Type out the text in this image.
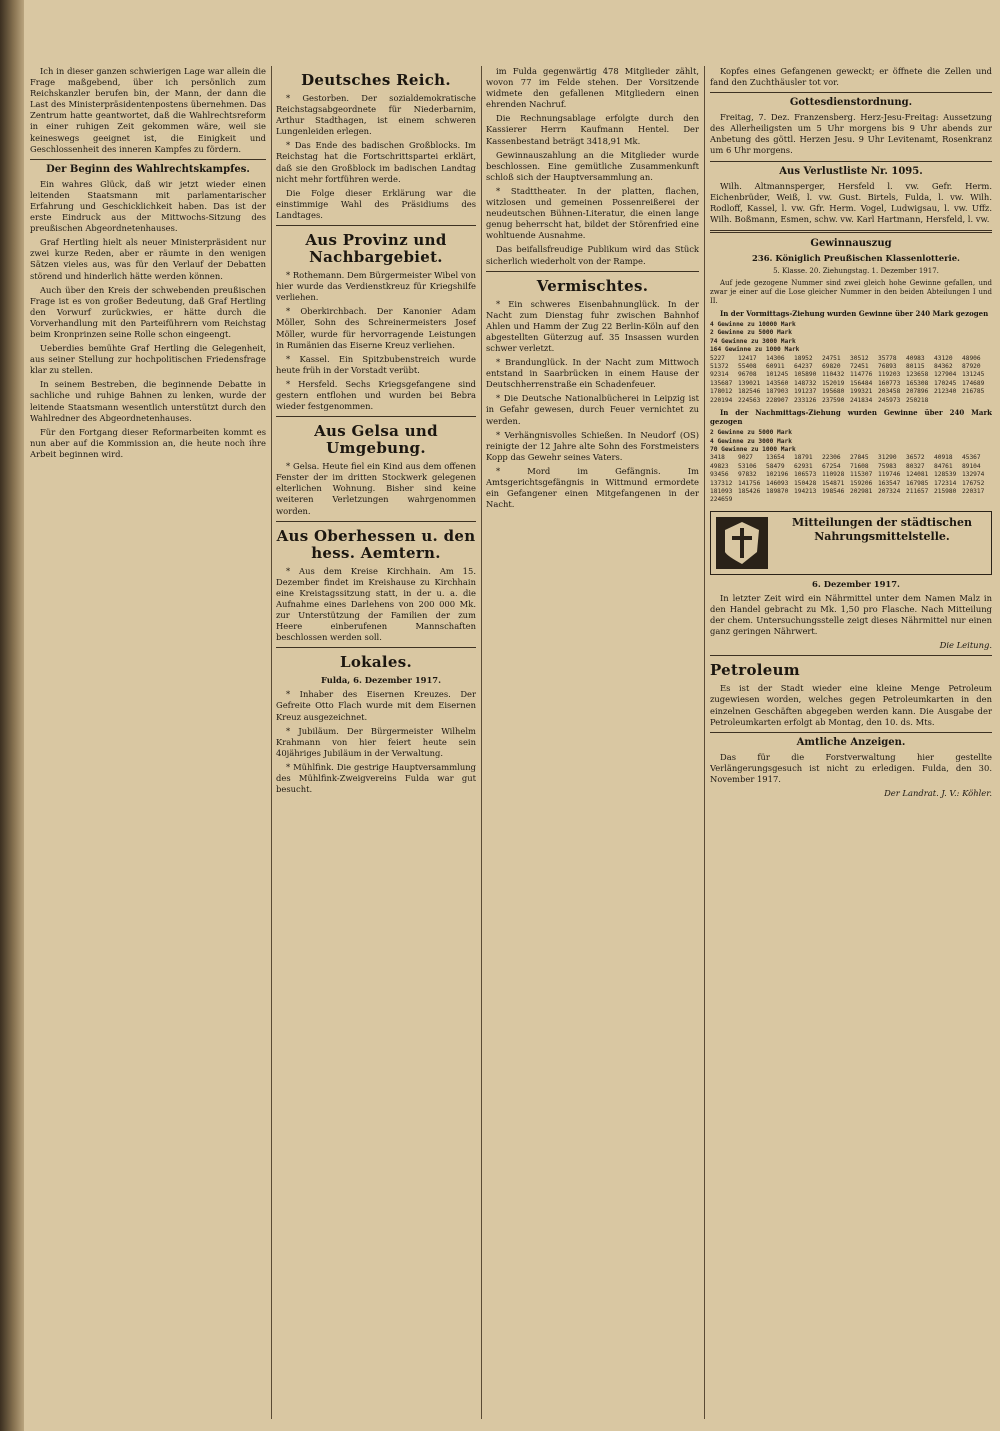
Ich in dieser ganzen schwierigen Lage war allein die Frage maßgebend, über ich persönlich zum Reichskanzler berufen bin, der Mann, der dann die Last des Ministerpräsidentenpostens übernehmen. Das Zentrum hatte geantwortet, daß die Wahlrechtsreform in einer ruhigen Zeit gekommen wäre, weil sie keineswegs geeignet ist, die Einigkeit und Geschlossenheit des inneren Kampfes zu fördern.

Der Beginn des Wahlrechtskampfes.

Ein wahres Glück, daß wir jetzt wieder einen leitenden Staatsmann mit parlamentarischer Erfahrung und Geschicklichkeit haben. Das ist der erste Eindruck aus der Mittwochs-Sitzung des preußischen Abgeordnetenhauses.

Graf Hertling hielt als neuer Ministerpräsident nur zwei kurze Reden, aber er räumte in den wenigen Sätzen vieles aus, was für den Verlauf der Debatten störend und hinderlich hätte werden können.

Auch über den Kreis der schwebenden preußischen Frage ist es von großer Bedeutung, daß Graf Hertling den Vorwurf zurückwies, er hätte durch die Vorverhandlung mit den Parteiführern vom Reichstag beim Kronprinzen seine Rolle schon eingeengt.

Ueberdies bemühte Graf Hertling die Gelegenheit, aus seiner Stellung zur hochpolitischen Friedensfrage klar zu stellen.

In seinem Bestreben, die beginnende Debatte in sachliche und ruhige Bahnen zu lenken, wurde der leitende Staatsmann wesentlich unterstützt durch den Wahlredner des Abgeordnetenhauses.

Für den Fortgang dieser Reformarbeiten kommt es nun aber auf die Kommission an, die heute noch ihre Arbeit beginnen wird.

Deutsches Reich.

* Gestorben. Der sozialdemokratische Reichstagsabgeordnete für Niederbarnim, Arthur Stadthagen, ist einem schweren Lungenleiden erlegen.

* Das Ende des badischen Großblocks. Im Reichstag hat die Fortschrittspartei erklärt, daß sie den Großblock im badischen Landtag nicht mehr fortführen werde.

Die Folge dieser Erklärung war die einstimmige Wahl des Präsidiums des Landtages.

Aus Provinz und Nachbargebiet.

* Rothemann. Dem Bürgermeister Wibel von hier wurde das Verdienstkreuz für Kriegshilfe verliehen.

* Oberkirchbach. Der Kanonier Adam Möller, Sohn des Schreinermeisters Josef Möller, wurde für hervorragende Leistungen in Rumänien das Eiserne Kreuz verliehen.

* Kassel. Ein Spitzbubenstreich wurde heute früh in der Vorstadt verübt.

* Hersfeld. Sechs Kriegsgefangene sind gestern entflohen und wurden bei Bebra wieder festgenommen.

Aus Gelsa und Umgebung.

* Gelsa. Heute fiel ein Kind aus dem offenen Fenster der im dritten Stockwerk gelegenen elterlichen Wohnung. Bisher sind keine weiteren Verletzungen wahrgenommen worden.

Aus Oberhessen u. den hess. Aemtern.

* Aus dem Kreise Kirchhain. Am 15. Dezember findet im Kreishause zu Kirchhain eine Kreistagssitzung statt, in der u. a. die Aufnahme eines Darlehens von 200 000 Mk. zur Unterstützung der Familien der zum Heere einberufenen Mannschaften beschlossen werden soll.

Lokales.

Fulda, 6. Dezember 1917.

* Inhaber des Eisernen Kreuzes. Der Gefreite Otto Flach wurde mit dem Eisernen Kreuz ausgezeichnet.

* Jubiläum. Der Bürgermeister Wilhelm Krahmann von hier feiert heute sein 40jähriges Jubiläum in der Verwaltung.

* Mühlfink. Die gestrige Hauptversammlung des Mühlfink-Zweigvereins Fulda war gut besucht.

im Fulda gegenwärtig 478 Mitglieder zählt, wovon 77 im Felde stehen. Der Vorsitzende widmete den gefallenen Mitgliedern einen ehrenden Nachruf.

Die Rechnungsablage erfolgte durch den Kassierer Herrn Kaufmann Hentel. Der Kassenbestand beträgt 3418,91 Mk.

Gewinnauszahlung an die Mitglieder wurde beschlossen. Eine gemütliche Zusammenkunft schloß sich der Hauptversammlung an.

* Stadttheater. In der platten, flachen, witzlosen und gemeinen Possenreißerei der neudeutschen Bühnen-Literatur, die einen lange genug beherrscht hat, bildet der Störenfried eine wohltuende Ausnahme.

Das beifallsfreudige Publikum wird das Stück sicherlich wiederholt von der Rampe.

Vermischtes.

* Ein schweres Eisenbahnunglück. In der Nacht zum Dienstag fuhr zwischen Bahnhof Ahlen und Hamm der Zug 22 Berlin-Köln auf den abgestellten Güterzug auf. 35 Insassen wurden schwer verletzt.

* Brandunglück. In der Nacht zum Mittwoch entstand in Saarbrücken in einem Hause der Deutschherrenstraße ein Schadenfeuer.

* Die Deutsche Nationalbücherei in Leipzig ist in Gefahr gewesen, durch Feuer vernichtet zu werden.

* Verhängnisvolles Schießen. In Neudorf (OS) reinigte der 12 Jahre alte Sohn des Forstmeisters Kopp das Gewehr seines Vaters.

* Mord im Gefängnis. Im Amtsgerichtsgefängnis in Wittmund ermordete ein Gefangener einen Mitgefangenen in der Nacht.

Kopfes eines Gefangenen geweckt; er öffnete die Zellen und fand den Zuchthäusler tot vor.

Gottesdienstordnung.

Freitag, 7. Dez. Franzensberg. Herz-Jesu-Freitag: Aussetzung des Allerheiligsten um 5 Uhr morgens bis 9 Uhr abends zur Anbetung des göttl. Herzen Jesu. 9 Uhr Levitenamt, Rosenkranz um 6 Uhr morgens.

Aus Verlustliste Nr. 1095.

Wilh. Altmannsperger, Hersfeld l. vw. Gefr. Herm. Eichenbrüder, Weiß, l. vw. Gust. Birtels, Fulda, l. vw. Wilh. Rodloff, Kassel, l. vw. Gfr. Herm. Vogel, Ludwigsau, l. vw. Uffz. Wilh. Boßmann, Esmen, schw. vw. Karl Hartmann, Hersfeld, l. vw.

Gewinnauszug

236. Königlich Preußischen Klassenlotterie.

5. Klasse. 20. Ziehungstag. 1. Dezember 1917.

Auf jede gezogene Nummer sind zwei gleich hohe Gewinne gefallen, und zwar je einer auf die Lose gleicher Nummer in den beiden Abteilungen I und II.

In der Vormittags-Ziehung wurden Gewinne über 240 Mark gezogen

4 Gewinne zu 10000 Mark
2 Gewinne zu 5000 Mark
74 Gewinne zu 3000 Mark
164 Gewinne zu 1000 Mark
5227 12417 14306 18952 24751 30512 35778 40983 43120 4890651372 55408 60911 64237 69820 72451 76893 80115 84362 8792092314 96708 101245 105890 110432 114776 119203 123658 127904 131245135687 139021 143560 148732 152019 156484 160773 165308 170245 174689178012 182546 187903 191237 195680 199321 203458 207896 212340 216785220194 224563 228907 233126 237590 241834 245973 250218

In der Nachmittags-Ziehung wurden Gewinne über 240 Mark gezogen

2 Gewinne zu 5000 Mark
4 Gewinne zu 3000 Mark
70 Gewinne zu 1000 Mark
3418 9027 13654 18791 22306 27845 31290 36572 40918 4536749823 53106 58479 62931 67254 71608 75983 80327 84761 8910493456 97832 102196 106573 110928 115307 119746 124081 128539 132974137312 141756 146093 150428 154871 159206 163547 167985 172314 176752181093 185426 189870 194213 198546 202981 207324 211657 215980 220317224659

Mitteilungen der städtischen Nahrungsmittelstelle.

6. Dezember 1917.

In letzter Zeit wird ein Nährmittel unter dem Namen Malz in den Handel gebracht zu Mk. 1,50 pro Flasche. Nach Mitteilung der chem. Untersuchungsstelle zeigt dieses Nährmittel nur einen ganz geringen Nährwert.

Die Leitung.

Petroleum

Es ist der Stadt wieder eine kleine Menge Petroleum zugewiesen worden, welches gegen Petroleumkarten in den einzelnen Geschäften abgegeben werden kann. Die Ausgabe der Petroleumkarten erfolgt ab Montag, den 10. ds. Mts.

Amtliche Anzeigen.

Das für die Forstverwaltung hier gestellte Verlängerungsgesuch ist nicht zu erledigen. Fulda, den 30. November 1917.

Der Landrat. J. V.: Köhler.
